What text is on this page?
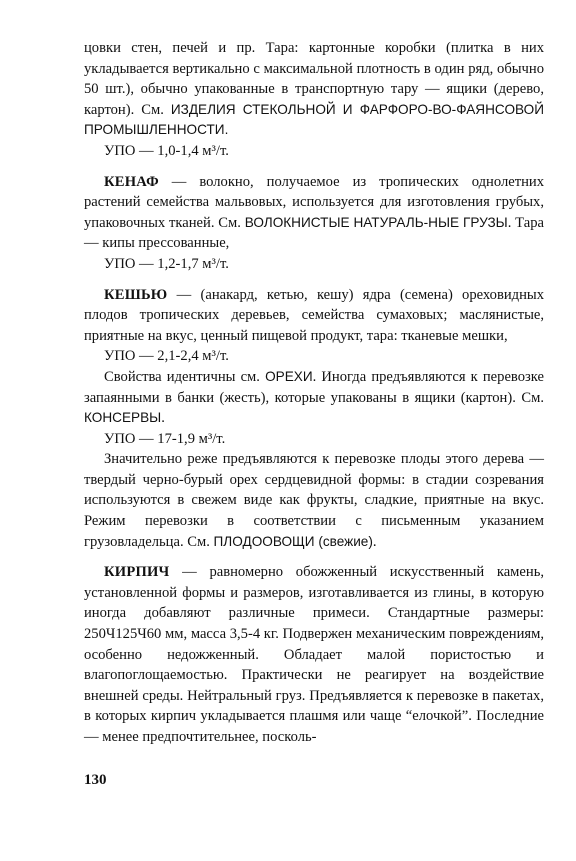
цовки стен, печей и пр. Тара: картонные коробки (плитка в них укладывается вертикально с максимальной плотность в один ряд, обычно 50 шт.), обычно упакованные в транспортную тару — ящики (дерево, картон). См. ИЗДЕЛИЯ СТЕКОЛЬНОЙ И ФАРФОРО-ВО-ФАЯНСОВОЙ ПРОМЫШЛЕННОСТИ.

УПО — 1,0-1,4 м³/т.

КЕНАФ — волокно, получаемое из тропических однолетних растений семейства мальвовых, используется для изготовления грубых, упаковочных тканей. См. ВОЛОКНИСТЫЕ НАТУРАЛЬ-НЫЕ ГРУЗЫ. Тара — кипы прессованные,

УПО — 1,2-1,7 м³/т.

КЕШЬЮ — (анакард, кетью, кешу) ядра (семена) ореховидных плодов тропических деревьев, семейства сумаховых; маслянистые, приятные на вкус, ценный пищевой продукт, тара: тканевые мешки,

УПО — 2,1-2,4 м³/т.

Свойства идентичны см. ОРЕХИ. Иногда предъявляются к перевозке запаянными в банки (жесть), которые упакованы в ящики (картон). См. КОНСЕРВЫ.

УПО — 17-1,9 м³/т.

Значительно реже предъявляются к перевозке плоды этого дерева — твердый черно-бурый орех сердцевидной формы: в стадии созревания используются в свежем виде как фрукты, сладкие, приятные на вкус. Режим перевозки в соответствии с письменным указанием грузовладельца. См. ПЛОДООВОЩИ (свежие).

КИРПИЧ — равномерно обожженный искусственный камень, установленной формы и размеров, изготавливается из глины, в которую иногда добавляют различные примеси. Стандартные размеры: 250Ч125Ч60 мм, масса 3,5-4 кг. Подвержен механическим повреждениям, особенно недожженный. Обладает малой пористостью и влагопоглощаемостью. Практически не реагирует на воздействие внешней среды. Нейтральный груз. Предъявляется к перевозке в пакетах, в которых кирпич укладывается плашмя или чаще “елочкой”. Последние — менее предпочтительнее, посколь-

130
